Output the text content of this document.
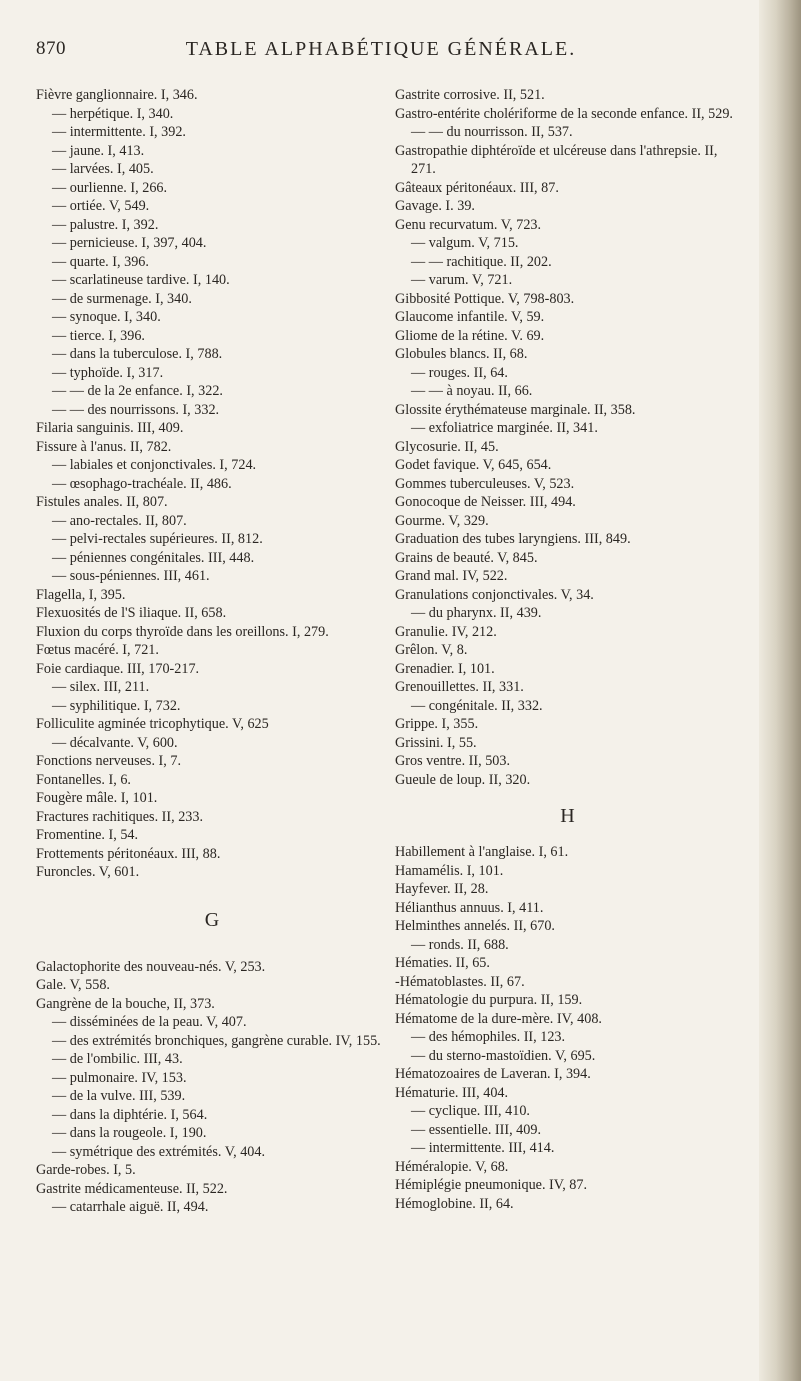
870	TABLE ALPHABÉTIQUE GÉNÉRALE.
Fièvre ganglionnaire. I, 346.
— herpétique. I, 340.
— intermittente. I, 392.
— jaune. I, 413.
— larvées. I, 405.
— ourlienne. I, 266.
— ortiée. V, 549.
— palustre. I, 392.
— pernicieuse. I, 397, 404.
— quarte. I, 396.
— scarlatineuse tardive. I, 140.
— de surmenage. I, 340.
— synoque. I, 340.
— tierce. I, 396.
— dans la tuberculose. I, 788.
— typhoïde. I, 317.
— — de la 2e enfance. I, 322.
— — des nourrissons. I, 332.
Filaria sanguinis. III, 409.
Fissure à l'anus. II, 782.
— labiales et conjonctivales. I, 724.
— œsophago-trachéale. II, 486.
Fistules anales. II, 807.
— ano-rectales. II, 807.
— pelvi-rectales supérieures. II, 812.
— péniennes congénitales. III, 448.
— sous-péniennes. III, 461.
Flagella, I, 395.
Flexuosités de l'S iliaque. II, 658.
Fluxion du corps thyroïde dans les oreillons. I, 279.
Fœtus macéré. I, 721.
Foie cardiaque. III, 170-217.
— silex. III, 211.
— syphilitique. I, 732.
Folliculite agminée tricophytique. V, 625
— décalvante. V, 600.
Fonctions nerveuses. I, 7.
Fontanelles. I, 6.
Fougère mâle. I, 101.
Fractures rachitiques. II, 233.
Fromentine. I, 54.
Frottements péritonéaux. III, 88.
Furoncles. V, 601.
G
Galactophorite des nouveau-nés. V, 253.
Gale. V, 558.
Gangrène de la bouche, II, 373.
— disséminées de la peau. V, 407.
— des extrémités bronchiques, gangrène curable. IV, 155.
— de l'ombilic. III, 43.
— pulmonaire. IV, 153.
— de la vulve. III, 539.
— dans la diphtérie. I, 564.
— dans la rougeole. I, 190.
— symétrique des extrémités. V, 404.
Garde-robes. I, 5.
Gastrite médicamenteuse. II, 522.
— catarrhale aiguë. II, 494.
Gastrite corrosive. II, 521.
Gastro-entérite cholériforme de la seconde enfance. II, 529.
— — du nourrisson. II, 537.
Gastropathie diphtéroïde et ulcéreuse dans l'athrepsie. II, 271.
Gâteaux péritonéaux. III, 87.
Gavage. I. 39.
Genu recurvatum. V, 723.
— valgum. V, 715.
— — rachitique. II, 202.
— varum. V, 721.
Gibbosité Pottique. V, 798-803.
Glaucome infantile. V, 59.
Gliome de la rétine. V. 69.
Globules blancs. II, 68.
— rouges. II, 64.
— — à noyau. II, 66.
Glossite érythémateuse marginale. II, 358.
— exfoliatrice marginée. II, 341.
Glycosurie. II, 45.
Godet favique. V, 645, 654.
Gommes tuberculeuses. V, 523.
Gonocoque de Neisser. III, 494.
Gourme. V, 329.
Graduation des tubes laryngiens. III, 849.
Grains de beauté. V, 845.
Grand mal. IV, 522.
Granulations conjonctivales. V, 34.
— du pharynx. II, 439.
Granulie. IV, 212.
Grêlon. V, 8.
Grenadier. I, 101.
Grenouillettes. II, 331.
— congénitale. II, 332.
Grippe. I, 355.
Grissini. I, 55.
Gros ventre. II, 503.
Gueule de loup. II, 320.
H
Habillement à l'anglaise. I, 61.
Hamamélis. I, 101.
Hayfever. II, 28.
Hélianthus annuus. I, 411.
Helminthes annelés. II, 670.
— ronds. II, 688.
Hématies. II, 65.
-Hématoblastes. II, 67.
Hématologie du purpura. II, 159.
Hématome de la dure-mère. IV, 408.
— des hémophiles. II, 123.
— du sterno-mastoïdien. V, 695.
Hématozoaires de Laveran. I, 394.
Hématurie. III, 404.
— cyclique. III, 410.
— essentielle. III, 409.
— intermittente. III, 414.
Héméralopie. V, 68.
Hémiplégie pneumonique. IV, 87.
Hémoglobine. II, 64.
